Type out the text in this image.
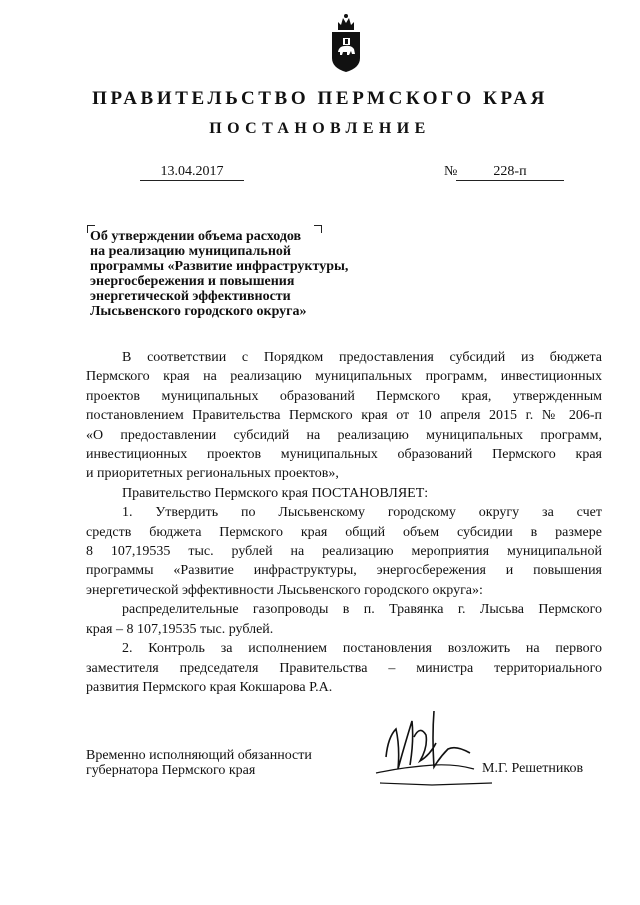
ПРАВИТЕЛЬСТВО ПЕРМСКОГО КРАЯ
ПОСТАНОВЛЕНИЕ
13.04.2017	№	228-п
Об утверждении объема расходов
на реализацию муниципальной
программы «Развитие инфраструктуры,
энергосбережения и повышения
энергетической эффективности
Лысьвенского городского округа»
В соответствии с Порядком предоставления субсидий из бюджета
Пермского края на реализацию муниципальных программ, инвестиционных
проектов муниципальных образований Пермского края, утвержденным
постановлением Правительства Пермского края от 10 апреля 2015 г. № 206-п
«О предоставлении субсидий на реализацию муниципальных программ,
инвестиционных проектов муниципальных образований Пермского края
и приоритетных региональных проектов»,
Правительство Пермского края ПОСТАНОВЛЯЕТ:
1. Утвердить по Лысьвенскому городскому округу за счет
средств бюджета Пермского края общий объем субсидии в размере
8 107,19535 тыс. рублей на реализацию мероприятия муниципальной
программы «Развитие инфраструктуры, энергосбережения и повышения
энергетической эффективности Лысьвенского городского округа»:
распределительные газопроводы в п. Травянка г. Лысьва Пермского
края – 8 107,19535 тыс. рублей.
2. Контроль за исполнением постановления возложить на первого
заместителя председателя Правительства – министра территориального
развития Пермского края Кокшарова Р.А.
Временно исполняющий обязанности
губернатора Пермского края	М.Г. Решетников
